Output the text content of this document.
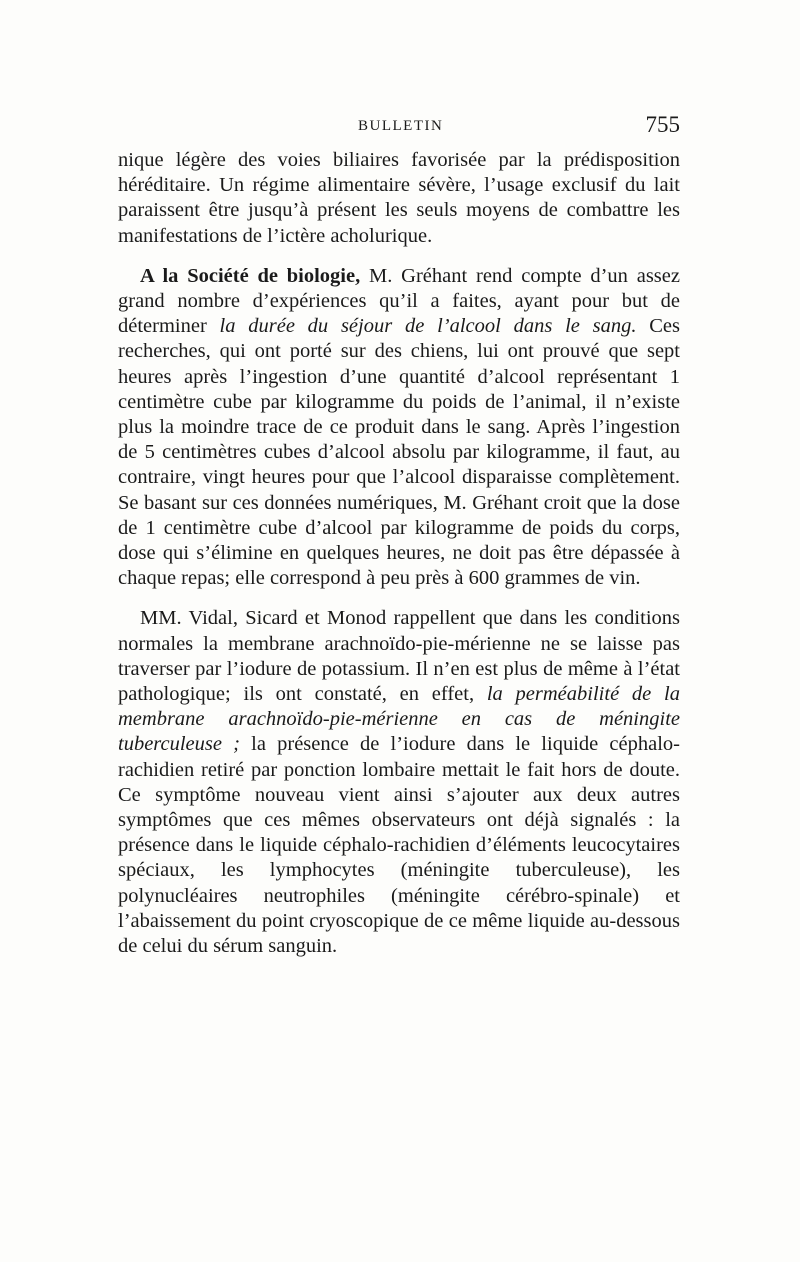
BULLETIN	755

nique légère des voies biliaires favorisée par la prédisposition héréditaire. Un régime alimentaire sévère, l’usage exclusif du lait paraissent être jusqu’à présent les seuls moyens de combattre les manifestations de l’ictère acholurique.

A la Société de biologie, M. Gréhant rend compte d’un assez grand nombre d’expériences qu’il a faites, ayant pour but de déterminer la durée du séjour de l’alcool dans le sang. Ces recherches, qui ont porté sur des chiens, lui ont prouvé que sept heures après l’ingestion d’une quantité d’alcool représentant 1 centimètre cube par kilogramme du poids de l’animal, il n’existe plus la moindre trace de ce produit dans le sang. Après l’ingestion de 5 centimètres cubes d’alcool absolu par kilogramme, il faut, au contraire, vingt heures pour que l’alcool disparaisse complètement. Se basant sur ces données numériques, M. Gréhant croit que la dose de 1 centimètre cube d’alcool par kilogramme de poids du corps, dose qui s’élimine en quelques heures, ne doit pas être dépassée à chaque repas; elle correspond à peu près à 600 grammes de vin.

MM. Vidal, Sicard et Monod rappellent que dans les conditions normales la membrane arachnoïdo-pie-mérienne ne se laisse pas traverser par l’iodure de potassium. Il n’en est plus de même à l’état pathologique; ils ont constaté, en effet, la perméabilité de la membrane arachnoïdo-pie-mérienne en cas de méningite tuberculeuse ; la présence de l’iodure dans le liquide céphalo-rachidien retiré par ponction lombaire mettait le fait hors de doute. Ce symptôme nouveau vient ainsi s’ajouter aux deux autres symptômes que ces mêmes observateurs ont déjà signalés : la présence dans le liquide céphalo-rachidien d’éléments leucocytaires spéciaux, les lymphocytes (méningite tuberculeuse), les polynucléaires neutrophiles (méningite cérébro-spinale) et l’abaissement du point cryoscopique de ce même liquide au-dessous de celui du sérum sanguin.
